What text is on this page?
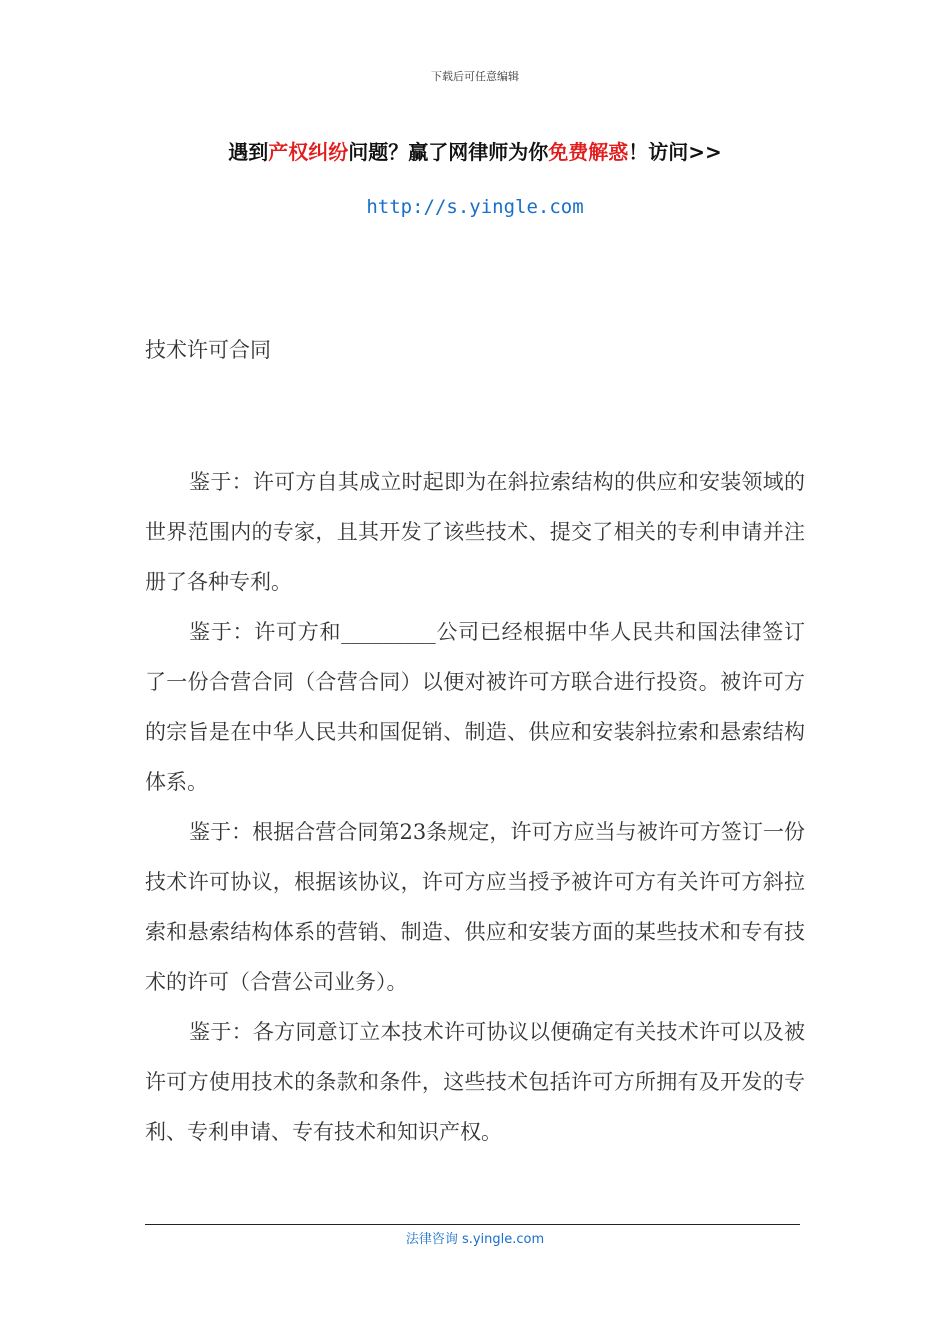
下载后可任意编辑
遇到产权纠纷问题？赢了网律师为你免费解惑！访问>>
http://s.yingle.com
技术许可合同

鉴于：许可方自其成立时起即为在斜拉索结构的供应和安装领域的世界范围内的专家，且其开发了该些技术、提交了相关的专利申请并注册了各种专利。

鉴于：许可方和_________公司已经根据中华人民共和国法律签订了一份合营合同（合营合同）以便对被许可方联合进行投资。被许可方的宗旨是在中华人民共和国促销、制造、供应和安装斜拉索和悬索结构体系。

鉴于：根据合营合同第23条规定，许可方应当与被许可方签订一份技术许可协议，根据该协议，许可方应当授予被许可方有关许可方斜拉索和悬索结构体系的营销、制造、供应和安装方面的某些技术和专有技术的许可（合营公司业务）。

鉴于：各方同意订立本技术许可协议以便确定有关技术许可以及被许可方使用技术的条款和条件，这些技术包括许可方所拥有及开发的专利、专利申请、专有技术和知识产权。

法律咨询 s.yingle.com
